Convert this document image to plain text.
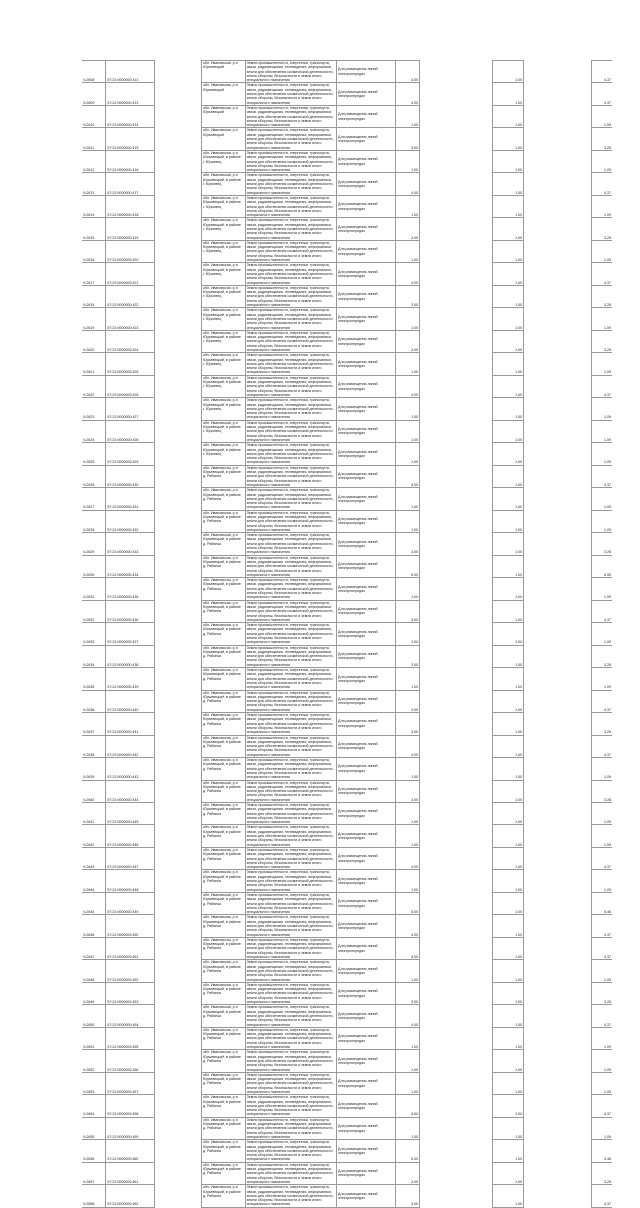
Ч:2608	57:22:0000000:412		обл. Ивановская, р-н Юрьевецкий	Земли промышленности, энергетики, транспорта, связи, радиовещания, телевидения, информатики, земли для обеспечения космической деятельности, земли обороны, безопасности и земли иного специального назначения	Для размещения линий электропередач	4,00		1,00		4,37
Ч:2609	57:22:0000000:413		обл. Ивановская, р-н Юрьевецкий	Земли промышленности, энергетики, транспорта, связи, радиовещания, телевидения, информатики, земли для обеспечения космической деятельности, земли обороны, безопасности и земли иного специального назначения	Для размещения линий электропередач	4,00		1,00		4,37
Ч:2610	57:22:0000000:414		обл. Ивановская, р-н Юрьевецкий	Земли промышленности, энергетики, транспорта, связи, радиовещания, телевидения, информатики, земли для обеспечения космической деятельности, земли обороны, безопасности и земли иного специального назначения	Для размещения линий электропередач	1,00		1,00		1,09
Ч:2611	57:22:0000000:415		обл. Ивановская, р-н Юрьевецкий	Земли промышленности, энергетики, транспорта, связи, радиовещания, телевидения, информатики, земли для обеспечения космической деятельности, земли обороны, безопасности и земли иного специального назначения	Для размещения линий электропередач	3,00		1,00		3,28
Ч:2612	57:22:0000000:416		обл. Ивановская, р-н Юрьевецкий, в районе г. Юрьевец	Земли промышленности, энергетики, транспорта, связи, радиовещания, телевидения, информатики, земли для обеспечения космической деятельности, земли обороны, безопасности и земли иного специального назначения	Для размещения линий электропередач	1,00		1,00		1,09
Ч:2613	57:22:0000000:417		обл. Ивановская, р-н Юрьевецкий, в районе г. Юрьевец	Земли промышленности, энергетики, транспорта, связи, радиовещания, телевидения, информатики, земли для обеспечения космической деятельности, земли обороны, безопасности и земли иного специального назначения	Для размещения линий электропередач	4,00		1,00		4,37
Ч:2614	57:22:0000000:418		обл. Ивановская, р-н Юрьевецкий, в районе г. Юрьевец	Земли промышленности, энергетики, транспорта, связи, радиовещания, телевидения, информатики, земли для обеспечения космической деятельности, земли обороны, безопасности и земли иного специального назначения	Для размещения линий электропередач	1,00		1,00		1,09
Ч:2615	57:22:0000000:419		обл. Ивановская, р-н Юрьевецкий, в районе г. Юрьевец	Земли промышленности, энергетики, транспорта, связи, радиовещания, телевидения, информатики, земли для обеспечения космической деятельности, земли обороны, безопасности и земли иного специального назначения	Для размещения линий электропередач	3,00		1,00		3,28
Ч:2616	57:22:0000000:420		обл. Ивановская, р-н Юрьевецкий, в районе г. Юрьевец	Земли промышленности, энергетики, транспорта, связи, радиовещания, телевидения, информатики, земли для обеспечения космической деятельности, земли обороны, безопасности и земли иного специального назначения	Для размещения линий электропередач	1,00		1,00		1,09
Ч:2617	57:22:0000000:421		обл. Ивановская, р-н Юрьевецкий, в районе г. Юрьевец	Земли промышленности, энергетики, транспорта, связи, радиовещания, телевидения, информатики, земли для обеспечения космической деятельности, земли обороны, безопасности и земли иного специального назначения	Для размещения линий электропередач	4,00		1,00		4,37
Ч:2618	57:22:0000000:422		обл. Ивановская, р-н Юрьевецкий, в районе г. Юрьевец	Земли промышленности, энергетики, транспорта, связи, радиовещания, телевидения, информатики, земли для обеспечения космической деятельности, земли обороны, безопасности и земли иного специального назначения	Для размещения линий электропередач	3,00		1,00		3,28
Ч:2619	57:22:0000000:423		обл. Ивановская, р-н Юрьевецкий, в районе г. Юрьевец	Земли промышленности, энергетики, транспорта, связи, радиовещания, телевидения, информатики, земли для обеспечения космической деятельности, земли обороны, безопасности и земли иного специального назначения	Для размещения линий электропередач	1,00		1,00		1,09
Ч:2620	57:22:0000000:424		обл. Ивановская, р-н Юрьевецкий, в районе г. Юрьевец	Земли промышленности, энергетики, транспорта, связи, радиовещания, телевидения, информатики, земли для обеспечения космической деятельности, земли обороны, безопасности и земли иного специального назначения	Для размещения линий электропередач	3,00		1,00		3,28
Ч:2621	57:22:0000000:425		обл. Ивановская, р-н Юрьевецкий, в районе г. Юрьевец	Земли промышленности, энергетики, транспорта, связи, радиовещания, телевидения, информатики, земли для обеспечения космической деятельности, земли обороны, безопасности и земли иного специального назначения	Для размещения линий электропередач	1,00		1,00		1,09
Ч:2622	57:22:0000000:426		обл. Ивановская, р-н Юрьевецкий, в районе г. Юрьевец	Земли промышленности, энергетики, транспорта, связи, радиовещания, телевидения, информатики, земли для обеспечения космической деятельности, земли обороны, безопасности и земли иного специального назначения	Для размещения линий электропередач	4,00		1,00		4,37
Ч:2623	57:22:0000000:427		обл. Ивановская, р-н Юрьевецкий, в районе г. Юрьевец	Земли промышленности, энергетики, транспорта, связи, радиовещания, телевидения, информатики, земли для обеспечения космической деятельности, земли обороны, безопасности и земли иного специального назначения	Для размещения линий электропередач	1,00		1,00		1,09
Ч:2624	57:22:0000000:428		обл. Ивановская, р-н Юрьевецкий, в районе г. Юрьевец	Земли промышленности, энергетики, транспорта, связи, радиовещания, телевидения, информатики, земли для обеспечения космической деятельности, земли обороны, безопасности и земли иного специального назначения	Для размещения линий электропередач	1,00		1,00		1,09
Ч:2625	57:22:0000000:429		обл. Ивановская, р-н Юрьевецкий, в районе г. Юрьевец	Земли промышленности, энергетики, транспорта, связи, радиовещания, телевидения, информатики, земли для обеспечения космической деятельности, земли обороны, безопасности и земли иного специального назначения	Для размещения линий электропередач	1,00		1,00		1,09
Ч:2626	57:22:0000000:430		обл. Ивановская, р-н Юрьевецкий, в районе д. Рябинка	Земли промышленности, энергетики, транспорта, связи, радиовещания, телевидения, информатики, земли для обеспечения космической деятельности, земли обороны, безопасности и земли иного специального назначения	Для размещения линий электропередач	4,00		1,00		4,37
Ч:2627	57:22:0000000:431		обл. Ивановская, р-н Юрьевецкий, в районе д. Рябинка	Земли промышленности, энергетики, транспорта, связи, радиовещания, телевидения, информатики, земли для обеспечения космической деятельности, земли обороны, безопасности и земли иного специального назначения	Для размещения линий электропередач	1,00		1,00		1,09
Ч:2628	57:22:0000000:432		обл. Ивановская, р-н Юрьевецкий, в районе д. Рябинка	Земли промышленности, энергетики, транспорта, связи, радиовещания, телевидения, информатики, земли для обеспечения космической деятельности, земли обороны, безопасности и земли иного специального назначения	Для размещения линий электропередач	1,00		1,00		1,09
Ч:2629	57:22:0000000:433		обл. Ивановская, р-н Юрьевецкий, в районе д. Рябинка	Земли промышленности, энергетики, транспорта, связи, радиовещания, телевидения, информатики, земли для обеспечения космической деятельности, земли обороны, безопасности и земли иного специального назначения	Для размещения линий электропередач	3,00		1,00		3,28
Ч:2630	57:22:0000000:434		обл. Ивановская, р-н Юрьевецкий, в районе д. Рябинка	Земли промышленности, энергетики, транспорта, связи, радиовещания, телевидения, информатики, земли для обеспечения космической деятельности, земли обороны, безопасности и земли иного специального назначения	Для размещения линий электропередач	6,00		1,00		6,55
Ч:2631	57:22:0000000:435		обл. Ивановская, р-н Юрьевецкий, в районе д. Рябинка	Земли промышленности, энергетики, транспорта, связи, радиовещания, телевидения, информатики, земли для обеспечения космической деятельности, земли обороны, безопасности и земли иного специального назначения	Для размещения линий электропередач	1,00		1,00		1,09
Ч:2632	57:22:0000000:436		обл. Ивановская, р-н Юрьевецкий, в районе д. Рябинка	Земли промышленности, энергетики, транспорта, связи, радиовещания, телевидения, информатики, земли для обеспечения космической деятельности, земли обороны, безопасности и земли иного специального назначения	Для размещения линий электропередач	4,00		1,00		4,37
Ч:2633	57:22:0000000:437		обл. Ивановская, р-н Юрьевецкий, в районе д. Рябинка	Земли промышленности, энергетики, транспорта, связи, радиовещания, телевидения, информатики, земли для обеспечения космической деятельности, земли обороны, безопасности и земли иного специального назначения	Для размещения линий электропередач	1,00		1,00		1,09
Ч:2634	57:22:0000000:438		обл. Ивановская, р-н Юрьевецкий, в районе д. Рябинка	Земли промышленности, энергетики, транспорта, связи, радиовещания, телевидения, информатики, земли для обеспечения космической деятельности, земли обороны, безопасности и земли иного специального назначения	Для размещения линий электропередач	3,00		1,00		3,28
Ч:2635	57:22:0000000:439		обл. Ивановская, р-н Юрьевецкий, в районе д. Рябинка	Земли промышленности, энергетики, транспорта, связи, радиовещания, телевидения, информатики, земли для обеспечения космической деятельности, земли обороны, безопасности и земли иного специального назначения	Для размещения линий электропередач	1,00		1,00		1,09
Ч:2636	57:22:0000000:440		обл. Ивановская, р-н Юрьевецкий, в районе д. Рябинка	Земли промышленности, энергетики, транспорта, связи, радиовещания, телевидения, информатики, земли для обеспечения космической деятельности, земли обороны, безопасности и земли иного специального назначения	Для размещения линий электропередач	4,00		1,00		4,37
Ч:2637	57:22:0000000:441		обл. Ивановская, р-н Юрьевецкий, в районе д. Рябинка	Земли промышленности, энергетики, транспорта, связи, радиовещания, телевидения, информатики, земли для обеспечения космической деятельности, земли обороны, безопасности и земли иного специального назначения	Для размещения линий электропередач	3,00		1,00		3,28
Ч:2638	57:22:0000000:442		обл. Ивановская, р-н Юрьевецкий, в районе д. Рябинка	Земли промышленности, энергетики, транспорта, связи, радиовещания, телевидения, информатики, земли для обеспечения космической деятельности, земли обороны, безопасности и земли иного специального назначения	Для размещения линий электропередач	4,00		1,00		4,37
Ч:2639	57:22:0000000:443		обл. Ивановская, р-н Юрьевецкий, в районе д. Рябинка	Земли промышленности, энергетики, транспорта, связи, радиовещания, телевидения, информатики, земли для обеспечения космической деятельности, земли обороны, безопасности и земли иного специального назначения	Для размещения линий электропередач	1,00		1,00		1,09
Ч:2640	57:22:0000000:444		обл. Ивановская, р-н Юрьевецкий, в районе д. Рябинка	Земли промышленности, энергетики, транспорта, связи, радиовещания, телевидения, информатики, земли для обеспечения космической деятельности, земли обороны, безопасности и земли иного специального назначения	Для размещения линий электропередач	3,00		1,00		3,28
Ч:2641	57:22:0000000:445		обл. Ивановская, р-н Юрьевецкий, в районе д. Рябинка	Земли промышленности, энергетики, транспорта, связи, радиовещания, телевидения, информатики, земли для обеспечения космической деятельности, земли обороны, безопасности и земли иного специального назначения	Для размещения линий электропередач	1,00		1,00		1,09
Ч:2642	57:22:0000000:446		обл. Ивановская, р-н Юрьевецкий, в районе д. Рябинка	Земли промышленности, энергетики, транспорта, связи, радиовещания, телевидения, информатики, земли для обеспечения космической деятельности, земли обороны, безопасности и земли иного специального назначения	Для размещения линий электропередач	1,00		1,00		1,09
Ч:2643	57:22:0000000:447		обл. Ивановская, р-н Юрьевецкий, в районе д. Рябинка	Земли промышленности, энергетики, транспорта, связи, радиовещания, телевидения, информатики, земли для обеспечения космической деятельности, земли обороны, безопасности и земли иного специального назначения	Для размещения линий электропередач	4,00		1,00		4,37
Ч:2644	57:22:0000000:448		обл. Ивановская, р-н Юрьевецкий, в районе д. Рябинка	Земли промышленности, энергетики, транспорта, связи, радиовещания, телевидения, информатики, земли для обеспечения космической деятельности, земли обороны, безопасности и земли иного специального назначения	Для размещения линий электропередач	1,00		1,00		1,09
Ч:2645	57:22:0000000:449		обл. Ивановская, р-н Юрьевецкий, в районе д. Рябинка	Земли промышленности, энергетики, транспорта, связи, радиовещания, телевидения, информатики, земли для обеспечения космической деятельности, земли обороны, безопасности и земли иного специального назначения	Для размещения линий электропередач	5,00		1,00		5,46
Ч:2646	57:22:0000000:450		обл. Ивановская, р-н Юрьевецкий, в районе д. Рябинка	Земли промышленности, энергетики, транспорта, связи, радиовещания, телевидения, информатики, земли для обеспечения космической деятельности, земли обороны, безопасности и земли иного специального назначения	Для размещения линий электропередач	4,00		1,00		4,37
Ч:2647	57:22:0000000:451		обл. Ивановская, р-н Юрьевецкий, в районе д. Рябинка	Земли промышленности, энергетики, транспорта, связи, радиовещания, телевидения, информатики, земли для обеспечения космической деятельности, земли обороны, безопасности и земли иного специального назначения	Для размещения линий электропередач	4,00		1,00		4,37
Ч:2648	57:22:0000000:452		обл. Ивановская, р-н Юрьевецкий, в районе д. Рябинка	Земли промышленности, энергетики, транспорта, связи, радиовещания, телевидения, информатики, земли для обеспечения космической деятельности, земли обороны, безопасности и земли иного специального назначения	Для размещения линий электропередач	1,00		1,00		1,09
Ч:2649	57:22:0000000:453		обл. Ивановская, р-н Юрьевецкий, в районе д. Рябинка	Земли промышленности, энергетики, транспорта, связи, радиовещания, телевидения, информатики, земли для обеспечения космической деятельности, земли обороны, безопасности и земли иного специального назначения	Для размещения линий электропередач	3,00		1,00		3,28
Ч:2650	57:22:0000000:454		обл. Ивановская, р-н Юрьевецкий, в районе д. Рябинка	Земли промышленности, энергетики, транспорта, связи, радиовещания, телевидения, информатики, земли для обеспечения космической деятельности, земли обороны, безопасности и земли иного специального назначения	Для размещения линий электропередач	4,00		1,00		4,37
Ч:2651	57:22:0000000:455		обл. Ивановская, р-н Юрьевецкий, в районе д. Рябинка	Земли промышленности, энергетики, транспорта, связи, радиовещания, телевидения, информатики, земли для обеспечения космической деятельности, земли обороны, безопасности и земли иного специального назначения	Для размещения линий электропередач	1,00		1,00		1,09
Ч:2652	57:22:0000000:456		обл. Ивановская, р-н Юрьевецкий, в районе д. Рябинка	Земли промышленности, энергетики, транспорта, связи, радиовещания, телевидения, информатики, земли для обеспечения космической деятельности, земли обороны, безопасности и земли иного специального назначения	Для размещения линий электропередач	1,00		1,00		1,09
Ч:2653	57:22:0000000:457		обл. Ивановская, р-н Юрьевецкий, в районе д. Рябинка	Земли промышленности, энергетики, транспорта, связи, радиовещания, телевидения, информатики, земли для обеспечения космической деятельности, земли обороны, безопасности и земли иного специального назначения	Для размещения линий электропередач	1,00		1,00		1,09
Ч:2654	57:22:0000000:458		обл. Ивановская, р-н Юрьевецкий, в районе д. Рябинка	Земли промышленности, энергетики, транспорта, связи, радиовещания, телевидения, информатики, земли для обеспечения космической деятельности, земли обороны, безопасности и земли иного специального назначения	Для размещения линий электропередач	4,00		1,00		4,37
Ч:2655	57:22:0000000:459		обл. Ивановская, р-н Юрьевецкий, в районе д. Рябинка	Земли промышленности, энергетики, транспорта, связи, радиовещания, телевидения, информатики, земли для обеспечения космической деятельности, земли обороны, безопасности и земли иного специального назначения	Для размещения линий электропередач	1,00		1,00		1,09
Ч:2656	57:22:0000000:460		обл. Ивановская, р-н Юрьевецкий, в районе д. Рябинка	Земли промышленности, энергетики, транспорта, связи, радиовещания, телевидения, информатики, земли для обеспечения космической деятельности, земли обороны, безопасности и земли иного специального назначения	Для размещения линий электропередач	5,00		1,00		5,46
Ч:2657	57:22:0000000:461		обл. Ивановская, р-н Юрьевецкий, в районе д. Рябинка	Земли промышленности, энергетики, транспорта, связи, радиовещания, телевидения, информатики, земли для обеспечения космической деятельности, земли обороны, безопасности и земли иного специального назначения	Для размещения линий электропередач	3,00		1,00		3,28
Ч:2658	57:22:0000000:462		обл. Ивановская, р-н Юрьевецкий, в районе д. Рябинка	Земли промышленности, энергетики, транспорта, связи, радиовещания, телевидения, информатики, земли для обеспечения космической деятельности, земли обороны, безопасности и земли иного специального назначения	Для размещения линий электропередач	4,00		1,00		4,37
